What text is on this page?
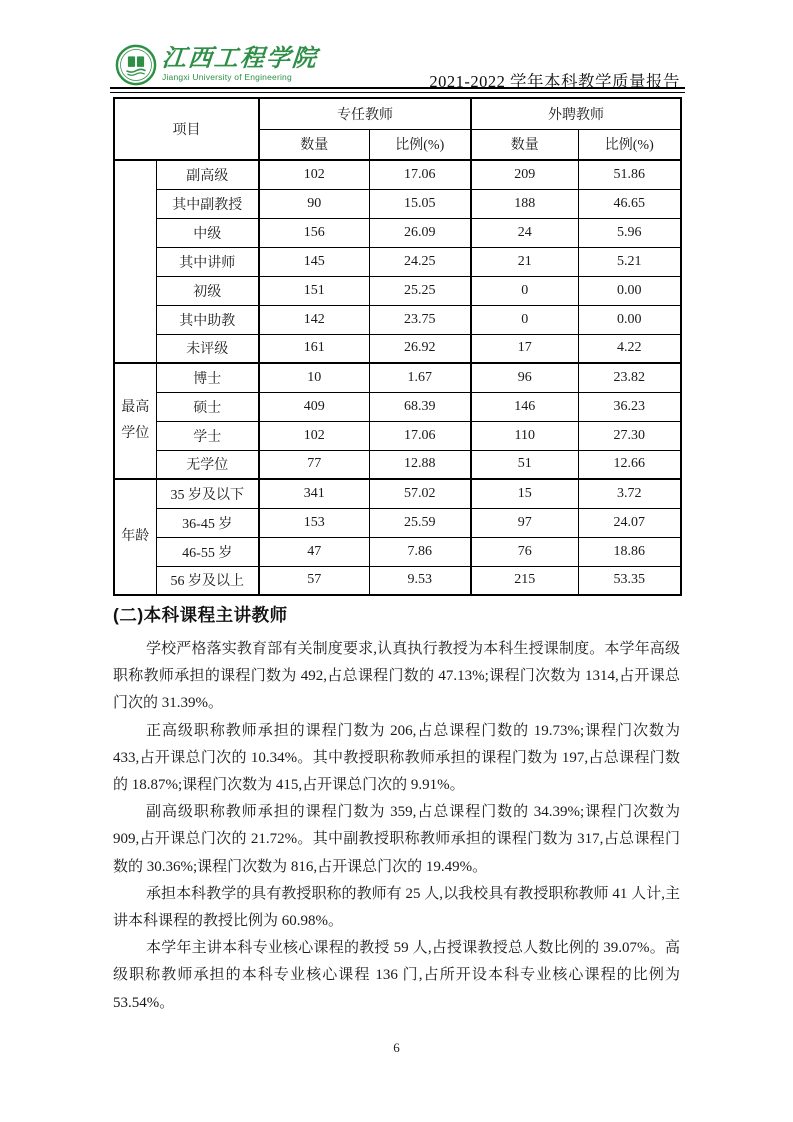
江西工程学院
Jiangxi University of Engineering	2021-2022 学年本科教学质量报告
项目		专任教师		外聘教师	
		数量	比例(%)	数量	比例(%)
	副高级	102	17.06	209	51.86
	其中副教授	90	15.05	188	46.65
	中级	156	26.09	24	5.96
	其中讲师	145	24.25	21	5.21
	初级	151	25.25	0	0.00
	其中助教	142	23.75	0	0.00
	未评级	161	26.92	17	4.22
最高学位	博士	10	1.67	96	23.82
	硕士	409	68.39	146	36.23
	学士	102	17.06	110	27.30
	无学位	77	12.88	51	12.66
年龄	35 岁及以下	341	57.02	15	3.72
	36-45 岁	153	25.59	97	24.07
	46-55 岁	47	7.86	76	18.86
	56 岁及以上	57	9.53	215	53.35
(二)本科课程主讲教师

学校严格落实教育部有关制度要求,认真执行教授为本科生授课制度。本学年高级职称教师承担的课程门数为 492,占总课程门数的 47.13%;课程门次数为 1314,占开课总门次的 31.39%。

正高级职称教师承担的课程门数为 206,占总课程门数的 19.73%;课程门次数为 433,占开课总门次的 10.34%。其中教授职称教师承担的课程门数为 197,占总课程门数的 18.87%;课程门次数为 415,占开课总门次的 9.91%。

副高级职称教师承担的课程门数为 359,占总课程门数的 34.39%;课程门次数为 909,占开课总门次的 21.72%。其中副教授职称教师承担的课程门数为 317,占总课程门数的 30.36%;课程门次数为 816,占开课总门次的 19.49%。

承担本科教学的具有教授职称的教师有 25 人,以我校具有教授职称教师 41 人计,主讲本科课程的教授比例为 60.98%。

本学年主讲本科专业核心课程的教授 59 人,占授课教授总人数比例的 39.07%。高级职称教师承担的本科专业核心课程 136 门,占所开设本科专业核心课程的比例为 53.54%。

6
